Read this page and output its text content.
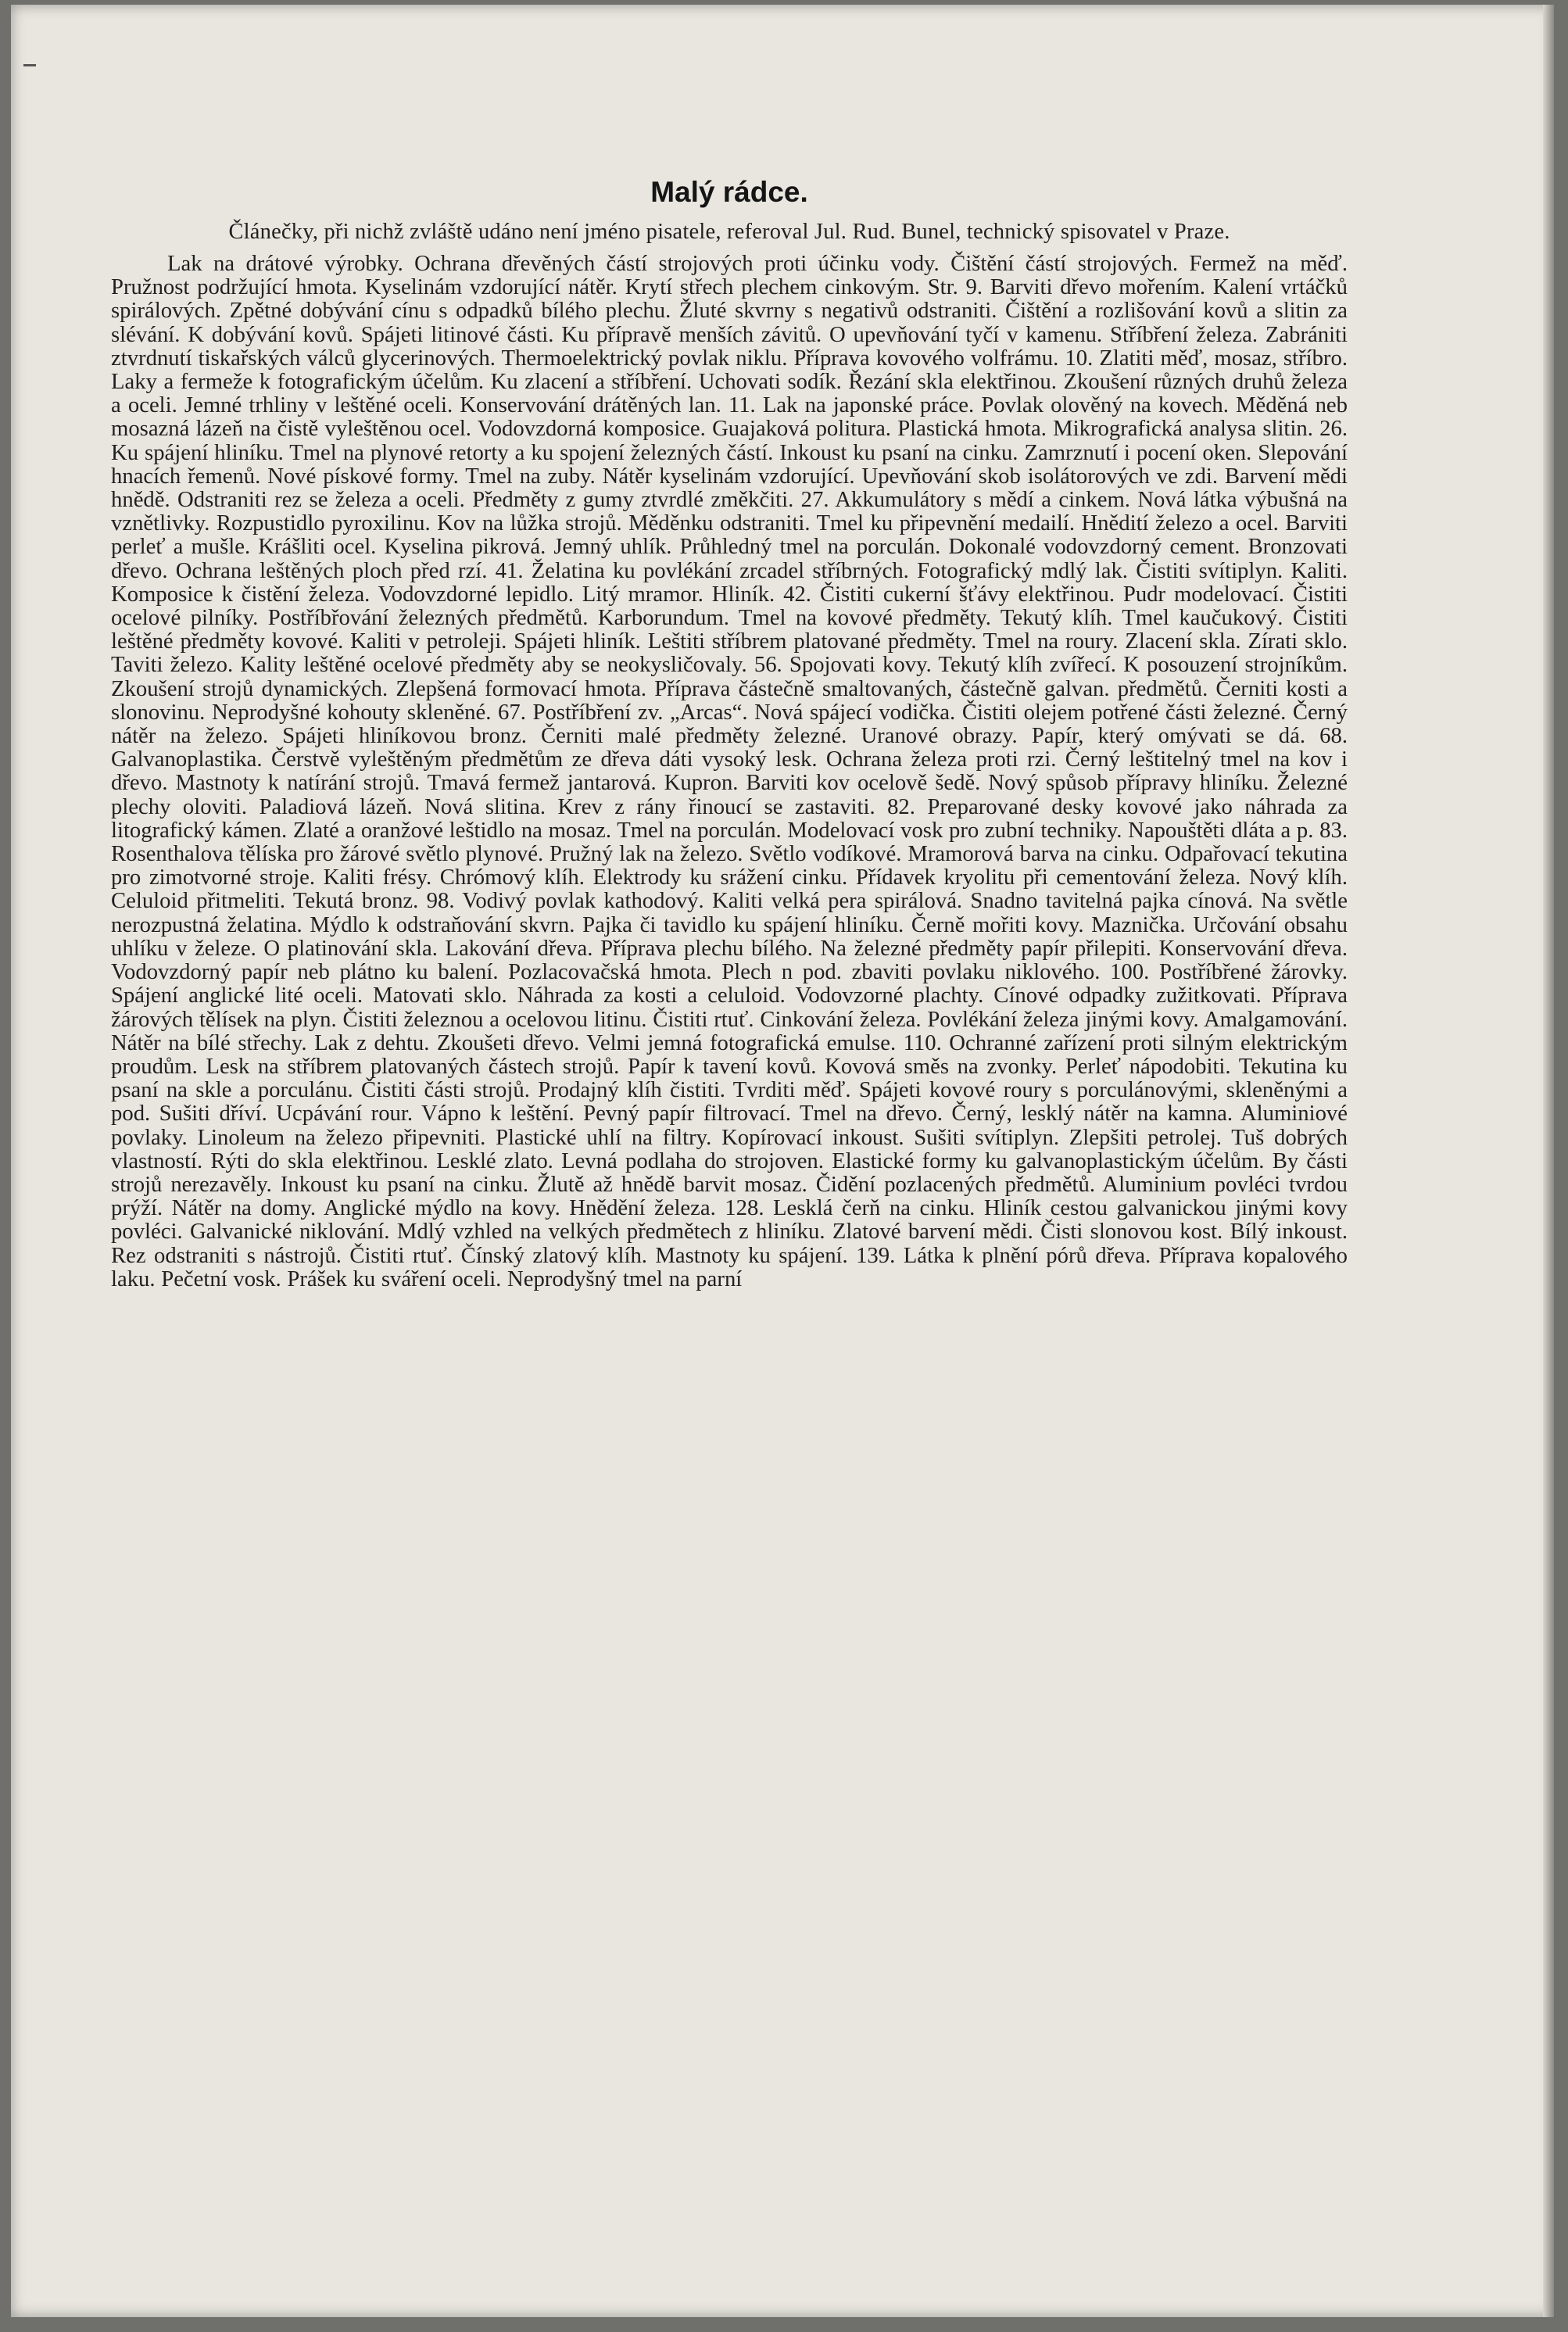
Malý rádce.

Článečky, při nichž zvláště udáno není jméno pisatele, referoval Jul. Rud. Bunel, technický spisovatel v Praze.

Lak na drátové výrobky. Ochrana dřevěných částí strojových proti účinku vody. Čištění částí strojových. Fermež na měď. Pružnost podržující hmota. Kyselinám vzdorující nátěr. Krytí střech plechem cinkovým. Str. 9. Barviti dřevo mořením. Kalení vrtáčků spirálových. Zpětné dobývání cínu s odpadků bílého plechu. Žluté skvrny s negativů odstraniti. Čištění a rozlišování kovů a slitin za slévání. K dobývání kovů. Spájeti litinové části. Ku přípravě menších závitů. O upevňování tyčí v kamenu. Stříbření železa. Zabrániti ztvrdnutí tiskařských válců glycerinových. Thermoelektrický povlak niklu. Příprava kovového volfrámu. 10. Zlatiti měď, mosaz, stříbro. Laky a fermeže k fotografickým účelům. Ku zlacení a stříbření. Uchovati sodík. Řezání skla elektřinou. Zkoušení různých druhů železa a oceli. Jemné trhliny v leštěné oceli. Konservování drátěných lan. 11. Lak na japonské práce. Povlak olověný na kovech. Měděná neb mosazná lázeň na čistě vyleštěnou ocel. Vodovzdorná komposice. Guajaková politura. Plastická hmota. Mikrografická analysa slitin. 26. Ku spájení hliníku. Tmel na plynové retorty a ku spojení železných částí. Inkoust ku psaní na cinku. Zamrznutí i pocení oken. Slepování hnacích řemenů. Nové pískové formy. Tmel na zuby. Nátěr kyselinám vzdorující. Upevňování skob isolátorových ve zdi. Barvení mědi hnědě. Odstraniti rez se železa a oceli. Předměty z gumy ztvrdlé změkčiti. 27. Akkumulátory s mědí a cinkem. Nová látka výbušná na vznětlivky. Rozpustidlo pyroxilinu. Kov na lůžka strojů. Měděnku odstraniti. Tmel ku připevnění medailí. Hnědití železo a ocel. Barviti perleť a mušle. Krášliti ocel. Kyselina pikrová. Jemný uhlík. Průhledný tmel na porculán. Dokonalé vodovzdorný cement. Bronzovati dřevo. Ochrana leštěných ploch před rzí. 41. Želatina ku povlékání zrcadel stříbrných. Fotografický mdlý lak. Čistiti svítiplyn. Kaliti. Komposice k čistění železa. Vodovzdorné lepidlo. Litý mramor. Hliník. 42. Čistiti cukerní šťávy elektřinou. Pudr modelovací. Čistiti ocelové pilníky. Postříbřování železných předmětů. Karborundum. Tmel na kovové předměty. Tekutý klíh. Tmel kaučukový. Čistiti leštěné předměty kovové. Kaliti v petroleji. Spájeti hliník. Leštiti stříbrem platované předměty. Tmel na roury. Zlacení skla. Zírati sklo. Taviti železo. Kality leštěné ocelové předměty aby se neokysličovaly. 56. Spojovati kovy. Tekutý klíh zvířecí. K posouzení strojníkům. Zkoušení strojů dynamických. Zlepšená formovací hmota. Příprava částečně smaltovaných, částečně galvan. předmětů. Černiti kosti a slonovinu. Neprodyšné kohouty skleněné. 67. Postříbření zv. „Arcas“. Nová spájecí vodička. Čistiti olejem potřené části železné. Černý nátěr na železo. Spájeti hliníkovou bronz. Černiti malé předměty železné. Uranové obrazy. Papír, který omývati se dá. 68. Galvanoplastika. Čerstvě vyleštěným předmětům ze dřeva dáti vysoký lesk. Ochrana železa proti rzi. Černý leštitelný tmel na kov i dřevo. Mastnoty k natírání strojů. Tmavá fermež jantarová. Kupron. Barviti kov ocelově šedě. Nový spůsob přípravy hliníku. Železné plechy oloviti. Paladiová lázeň. Nová slitina. Krev z rány řinoucí se zastaviti. 82. Preparované desky kovové jako náhrada za litografický kámen. Zlaté a oranžové leštidlo na mosaz. Tmel na porculán. Modelovací vosk pro zubní techniky. Napouštěti dláta a p. 83. Rosenthalova tělíska pro žárové světlo plynové. Pružný lak na železo. Světlo vodíkové. Mramorová barva na cinku. Odpařovací tekutina pro zimotvorné stroje. Kaliti frésy. Chrómový klíh. Elektrody ku srážení cinku. Přídavek kryolitu při cementování železa. Nový klíh. Celuloid přitmeliti. Tekutá bronz. 98. Vodivý povlak kathodový. Kaliti velká pera spirálová. Snadno tavitelná pajka cínová. Na světle nerozpustná želatina. Mýdlo k odstraňování skvrn. Pajka či tavidlo ku spájení hliníku. Černě mořiti kovy. Maznička. Určování obsahu uhlíku v železe. O platinování skla. Lakování dřeva. Příprava plechu bílého. Na železné předměty papír přilepiti. Konservování dřeva. Vodovzdorný papír neb plátno ku balení. Pozlacovačská hmota. Plech n pod. zbaviti povlaku niklového. 100. Postříbřené žárovky. Spájení anglické lité oceli. Matovati sklo. Náhrada za kosti a celuloid. Vodovzorné plachty. Cínové odpadky zužitkovati. Příprava žárových tělísek na plyn. Čistiti železnou a ocelovou litinu. Čistiti rtuť. Cinkování železa. Povlékání železa jinými kovy. Amalgamování. Nátěr na bílé střechy. Lak z dehtu. Zkoušeti dřevo. Velmi jemná fotografická emulse. 110. Ochranné zařízení proti silným elektrickým proudům. Lesk na stříbrem platovaných částech strojů. Papír k tavení kovů. Kovová směs na zvonky. Perleť nápodobiti. Tekutina ku psaní na skle a porculánu. Čistiti části strojů. Prodajný klíh čistiti. Tvrditi měď. Spájeti kovové roury s porculánovými, skleněnými a pod. Sušiti dříví. Ucpávání rour. Vápno k leštění. Pevný papír filtrovací. Tmel na dřevo. Černý, lesklý nátěr na kamna. Aluminiové povlaky. Linoleum na železo připevniti. Plastické uhlí na filtry. Kopírovací inkoust. Sušiti svítiplyn. Zlepšiti petrolej. Tuš dobrých vlastností. Rýti do skla elektřinou. Lesklé zlato. Levná podlaha do strojoven. Elastické formy ku galvanoplastickým účelům. By části strojů nerezavěly. Inkoust ku psaní na cinku. Žlutě až hnědě barvit mosaz. Čidění pozlacených předmětů. Aluminium povléci tvrdou prýží. Nátěr na domy. Anglické mýdlo na kovy. Hnědění železa. 128. Lesklá čerň na cinku. Hliník cestou galvanickou jinými kovy povléci. Galvanické niklování. Mdlý vzhled na velkých předmětech z hliníku. Zlatové barvení mědi. Čisti slonovou kost. Bílý inkoust. Rez odstraniti s nástrojů. Čistiti rtuť. Čínský zlatový klíh. Mastnoty ku spájení. 139. Látka k plnění pórů dřeva. Příprava kopalového laku. Pečetní vosk. Prášek ku sváření oceli. Neprodyšný tmel na parní
